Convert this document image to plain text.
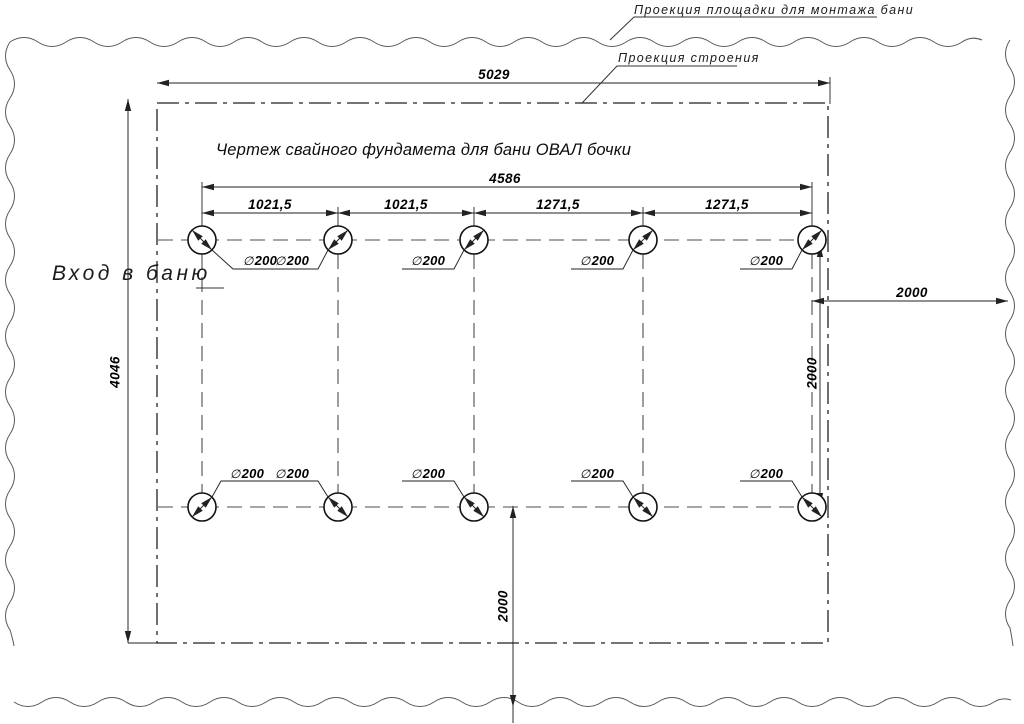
Проекция площадки для монтажа бани
Проекция строения
Чертеж свайного фундамета для бани ОВАЛ бочки
Вход в баню
5029
4586
1021,5	1021,5	1271,5	1271,5
2000
4046	2000
2000
∅200
∅200	∅200	∅200	∅200
∅200 ∅200	∅200	∅200	∅200
